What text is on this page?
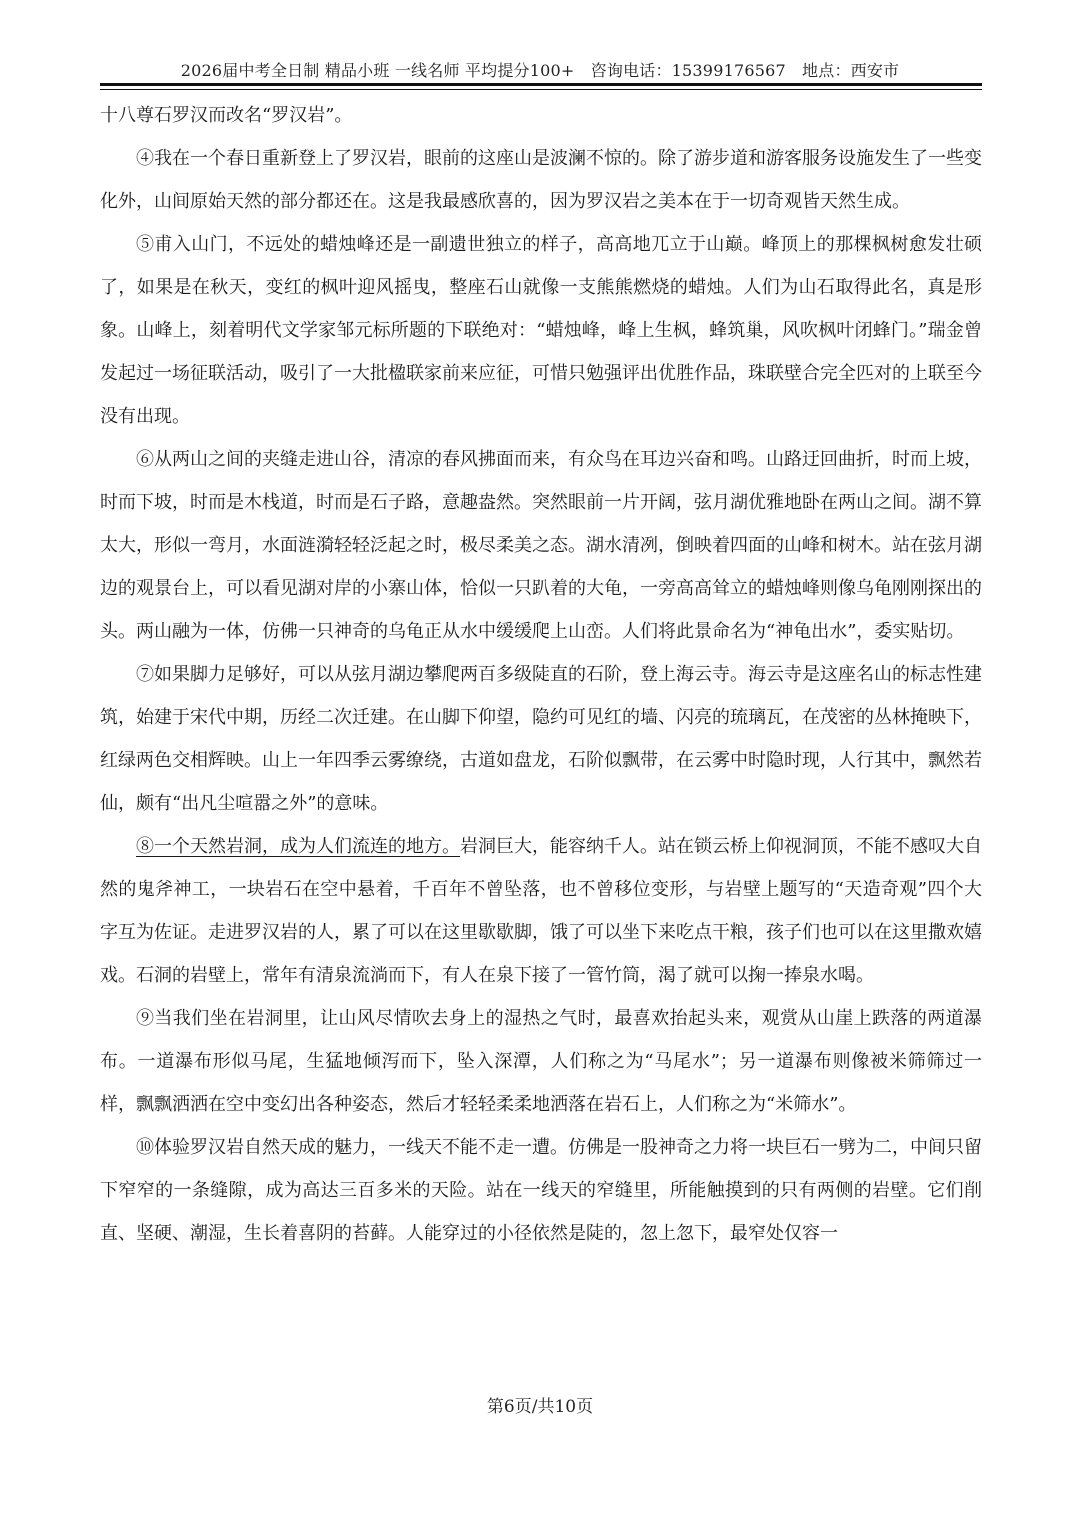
2026届中考全日制 精品小班 一线名师 平均提分100+　咨询电话：15399176567　地点：西安市

十八尊石罗汉而改名“罗汉岩”。

④我在一个春日重新登上了罗汉岩，眼前的这座山是波澜不惊的。除了游步道和游客服务设施发生了一些变化外，山间原始天然的部分都还在。这是我最感欣喜的，因为罗汉岩之美本在于一切奇观皆天然生成。

⑤甫入山门，不远处的蜡烛峰还是一副遗世独立的样子，高高地兀立于山巅。峰顶上的那棵枫树愈发壮硕了，如果是在秋天，变红的枫叶迎风摇曳，整座石山就像一支熊熊燃烧的蜡烛。人们为山石取得此名，真是形象。山峰上，刻着明代文学家邹元标所题的下联绝对：“蜡烛峰，峰上生枫，蜂筑巢，风吹枫叶闭蜂门。”瑞金曾发起过一场征联活动，吸引了一大批楹联家前来应征，可惜只勉强评出优胜作品，珠联壁合完全匹对的上联至今没有出现。

⑥从两山之间的夹缝走进山谷，清凉的春风拂面而来，有众鸟在耳边兴奋和鸣。山路迂回曲折，时而上坡，时而下坡，时而是木栈道，时而是石子路，意趣盎然。突然眼前一片开阔，弦月湖优雅地卧在两山之间。湖不算太大，形似一弯月，水面涟漪轻轻泛起之时，极尽柔美之态。湖水清冽，倒映着四面的山峰和树木。站在弦月湖边的观景台上，可以看见湖对岸的小寨山体，恰似一只趴着的大龟，一旁高高耸立的蜡烛峰则像乌龟刚刚探出的头。两山融为一体，仿佛一只神奇的乌龟正从水中缓缓爬上山峦。人们将此景命名为“神龟出水”，委实贴切。

⑦如果脚力足够好，可以从弦月湖边攀爬两百多级陡直的石阶，登上海云寺。海云寺是这座名山的标志性建筑，始建于宋代中期，历经二次迁建。在山脚下仰望，隐约可见红的墙、闪亮的琉璃瓦，在茂密的丛林掩映下，红绿两色交相辉映。山上一年四季云雾缭绕，古道如盘龙，石阶似飘带，在云雾中时隐时现，人行其中，飘然若仙，颇有“出凡尘喧嚣之外”的意味。

⑧一个天然岩洞，成为人们流连的地方。岩洞巨大，能容纳千人。站在锁云桥上仰视洞顶，不能不感叹大自然的鬼斧神工，一块岩石在空中悬着，千百年不曾坠落，也不曾移位变形，与岩壁上题写的“天造奇观”四个大字互为佐证。走进罗汉岩的人，累了可以在这里歇歇脚，饿了可以坐下来吃点干粮，孩子们也可以在这里撒欢嬉戏。石洞的岩壁上，常年有清泉流淌而下，有人在泉下接了一管竹筒，渴了就可以掬一捧泉水喝。

⑨当我们坐在岩洞里，让山风尽情吹去身上的湿热之气时，最喜欢抬起头来，观赏从山崖上跌落的两道瀑布。一道瀑布形似马尾，生猛地倾泻而下，坠入深潭，人们称之为“马尾水”；另一道瀑布则像被米筛筛过一样，飘飘洒洒在空中变幻出各种姿态，然后才轻轻柔柔地洒落在岩石上，人们称之为“米筛水”。

⑩体验罗汉岩自然天成的魅力，一线天不能不走一遭。仿佛是一股神奇之力将一块巨石一劈为二，中间只留下窄窄的一条缝隙，成为高达三百多米的天险。站在一线天的窄缝里，所能触摸到的只有两侧的岩壁。它们削直、坚硬、潮湿，生长着喜阴的苔藓。人能穿过的小径依然是陡的，忽上忽下，最窄处仅容一

第6页/共10页
